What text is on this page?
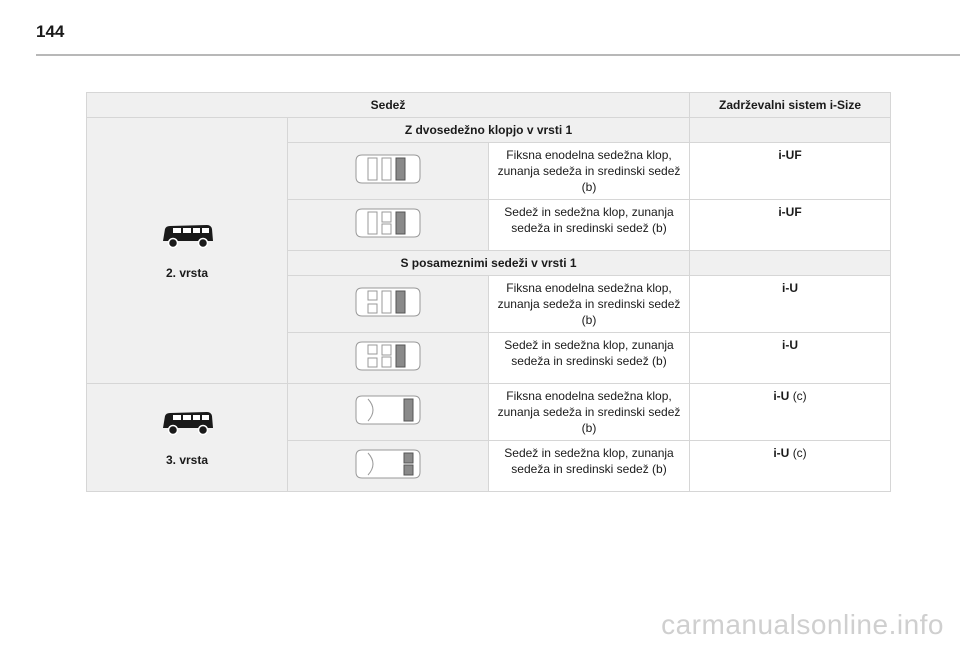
144
Sedež			Zadrževalni sistem i-Size

2. vrsta	Z dvosedežno klopjo v vrsti 1		
	Fiksna enodelna sedežna klop, zunanja sedeža in sredinski sedež (b)	i-UF
	Sedež in sedežna klop, zunanja sedeža in sredinski sedež (b)	i-UF
	S posameznimi sedeži v vrsti 1		
	Fiksna enodelna sedežna klop, zunanja sedeža in sredinski sedež (b)	i-U
	Sedež in sedežna klop, zunanja sedeža in sredinski sedež (b)	i-U

3. vrsta		Fiksna enodelna sedežna klop, zunanja sedeža in sredinski sedež (b)	i-U (c)
	Sedež in sedežna klop, zunanja sedeža in sredinski sedež (b)	i-U (c)
carmanualsonline.info
